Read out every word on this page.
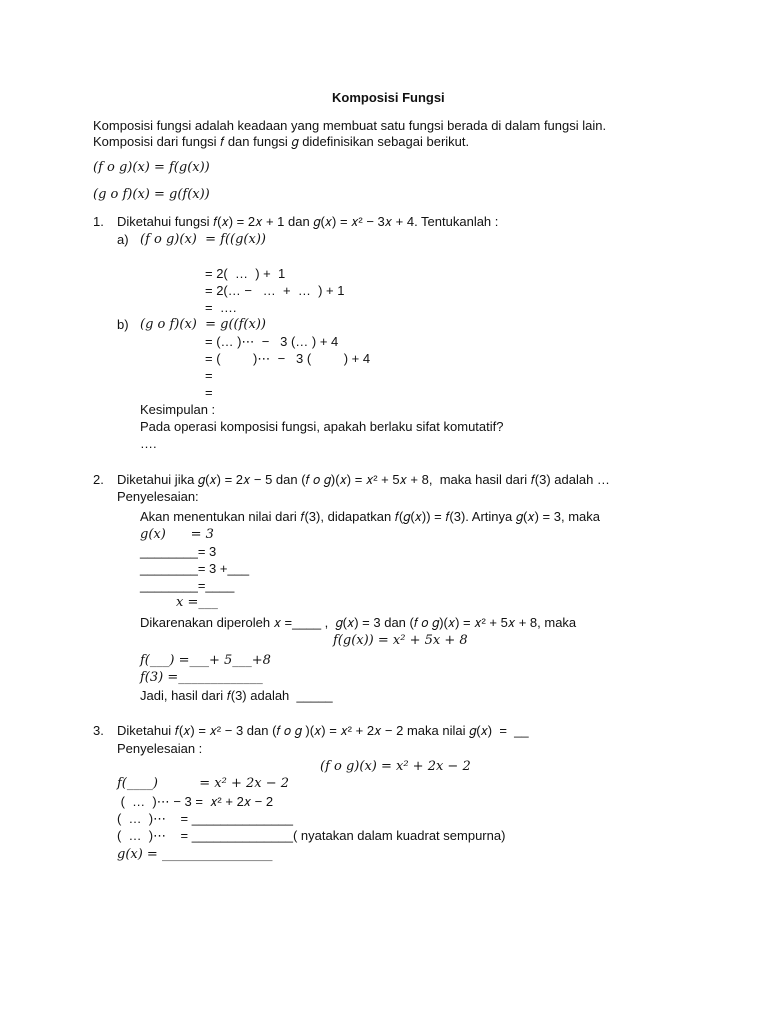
Komposisi Fungsi
Komposisi fungsi adalah keadaan yang membuat satu fungsi berada di dalam fungsi lain.
Komposisi dari fungsi 𝑓 dan fungsi 𝑔 didefinisikan sebagai berikut.
(𝑓 𝑜 𝑔)(𝑥) = 𝑓(𝑔(𝑥))
(𝑔 𝑜 𝑓)(𝑥) = 𝑔(𝑓(𝑥))
1. Diketahui fungsi 𝑓(𝑥) = 2𝑥 + 1 dan 𝑔(𝑥) = 𝑥² − 3𝑥 + 4. Tentukanlah :
a) (𝑓 𝑜 𝑔)(𝑥)  = 𝑓((𝑔(𝑥))
= 2(  …  ) +  1
= 2(… −   …  +  …  ) + 1
=  ….
b) (𝑔 𝑜 𝑓)(𝑥)  = 𝑔((𝑓(𝑥))
= (… )⋯  −   3 (… ) + 4
= (         )⋯  −   3 (         ) + 4
=
=
Kesimpulan :
Pada operasi komposisi fungsi, apakah berlaku sifat komutatif?
….
2. Diketahui jika 𝑔(𝑥) = 2𝑥 − 5 dan (𝑓 𝑜 𝑔)(𝑥) = 𝑥² + 5𝑥 + 8,  maka hasil dari 𝑓(3) adalah …
Penyelesaian:
Akan menentukan nilai dari 𝑓(3), didapatkan 𝑓(𝑔(𝑥)) = 𝑓(3). Artinya 𝑔(𝑥) = 3, maka
𝑔(𝑥)      = 3
________= 3
________= 3 +___
________=____
𝑥 =___
Dikarenakan diperoleh 𝑥 =____ ,  𝑔(𝑥) = 3 dan (𝑓 𝑜 𝑔)(𝑥) = 𝑥² + 5𝑥 + 8, maka
𝑓(𝑔(𝑥)) = 𝑥² + 5𝑥 + 8
𝑓(___) =___+ 5___+8
𝑓(3) =_____________
Jadi, hasil dari 𝑓(3) adalah  _____
3. Diketahui 𝑓(𝑥) = 𝑥² − 3 dan (𝑓 𝑜 𝑔 )(𝑥) = 𝑥² + 2𝑥 − 2 maka nilai 𝑔(𝑥)  =  __
Penyelesaian :
(𝑓 𝑜 𝑔)(𝑥) = 𝑥² + 2𝑥 − 2
𝑓(____)          = 𝑥² + 2𝑥 − 2
(  …  )⋯ − 3 =  𝑥² + 2𝑥 − 2
(  …  )⋯    = ______________
(  …  )⋯    = ______________( nyatakan dalam kuadrat sempurna)
𝑔(𝑥) = _________________
